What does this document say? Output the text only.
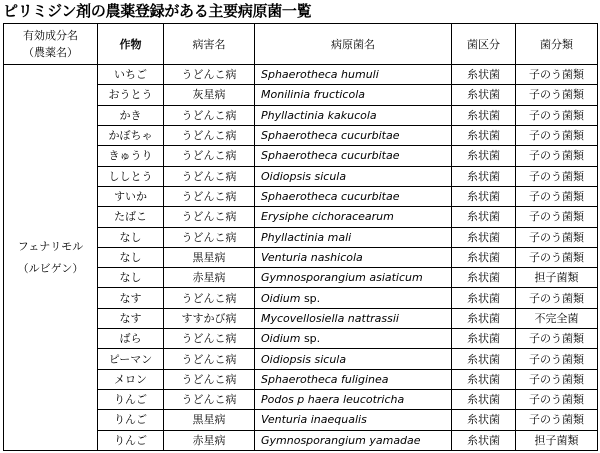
ピリミジン剤の農薬登録がある主要病原菌一覧
有効成分名
（農薬名）	作物	病害名	病原菌名	菌区分	菌分類

フェナリモル
（ルビゲン）	いちご	うどんこ病	Sphaerotheca humuli	糸状菌	子のう菌類
	おうとう	灰星病	Monilinia fructicola	糸状菌	子のう菌類
	かき	うどんこ病	Phyllactinia kakucola	糸状菌	子のう菌類
	かぼちゃ	うどんこ病	Sphaerotheca cucurbitae	糸状菌	子のう菌類
	きゅうり	うどんこ病	Sphaerotheca cucurbitae	糸状菌	子のう菌類
	ししとう	うどんこ病	Oidiopsis sicula	糸状菌	子のう菌類
	すいか	うどんこ病	Sphaerotheca cucurbitae	糸状菌	子のう菌類
	たばこ	うどんこ病	Erysiphe cichoracearum	糸状菌	子のう菌類
	なし	うどんこ病	Phyllactinia mali	糸状菌	子のう菌類
	なし	黒星病	Venturia nashicola	糸状菌	子のう菌類
	なし	赤星病	Gymnosporangium asiaticum	糸状菌	担子菌類
	なす	うどんこ病	Oidium sp.	糸状菌	子のう菌類
	なす	すすかび病	Mycovellosiella nattrassii	糸状菌	不完全菌
	ばら	うどんこ病	Oidium sp.	糸状菌	子のう菌類
	ピーマン	うどんこ病	Oidiopsis sicula	糸状菌	子のう菌類
	メロン	うどんこ病	Sphaerotheca fuliginea	糸状菌	子のう菌類
	りんご	うどんこ病	Podos p haera leucotricha	糸状菌	子のう菌類
	りんご	黒星病	Venturia inaequalis	糸状菌	子のう菌類
	りんご	赤星病	Gymnosporangium yamadae	糸状菌	担子菌類
